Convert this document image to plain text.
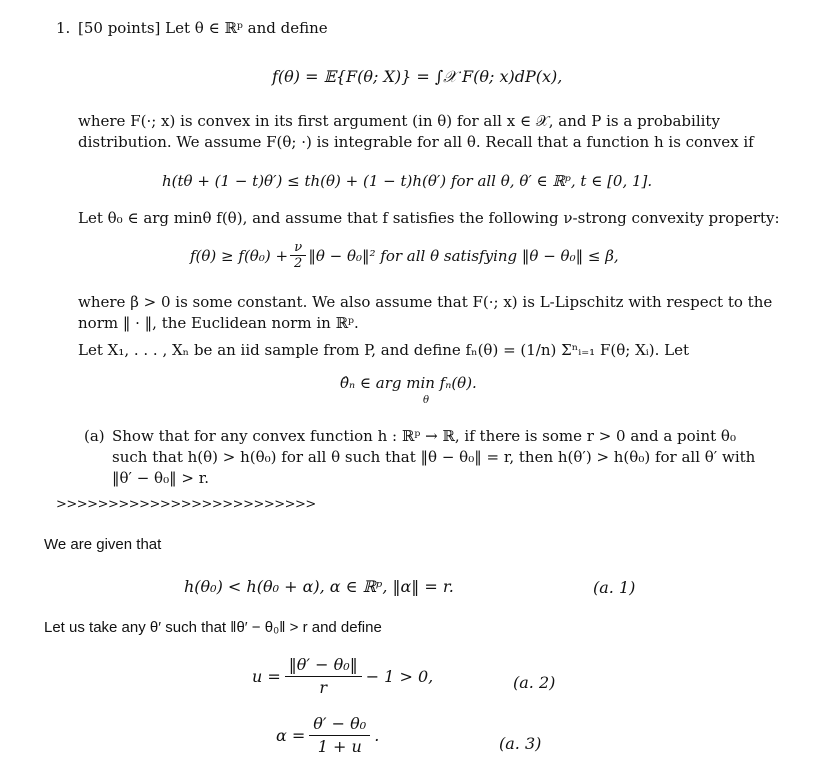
1. [50 points] Let θ ∈ ℝᵖ and define
f(θ) = 𝔼{F(θ; X)} = ∫𝒳 F(θ; x)dP(x),
where F(·; x) is convex in its first argument (in θ) for all x ∈ 𝒳, and P is a probability
distribution. We assume F(θ; ·) is integrable for all θ. Recall that a function h is convex if
h(tθ + (1 − t)θ′) ≤ th(θ) + (1 − t)h(θ′) for all θ, θ′ ∈ ℝᵖ, t ∈ [0, 1].
Let θ₀ ∈ arg minθ f(θ), and assume that f satisfies the following ν-strong convexity property:
$f(\theta) \ge f(\theta_0) + \frac{\nu}{2}$ ‖θ − θ₀‖² for all θ satisfying ‖θ − θ₀‖ ≤ β,
where β > 0 is some constant. We also assume that F(·; x) is L-Lipschitz with respect to the
norm ‖ · ‖, the Euclidean norm in ℝᵖ.
Let X₁, . . . , Xₙ be an iid sample from P, and define fₙ(θ) = (1/n) Σⁿᵢ₌₁ F(θ; Xᵢ). Let
θ̂ₙ ∈ arg min fₙ(θ).
θ
(a) Show that for any convex function h : ℝᵖ → ℝ, if there is some r > 0 and a point θ₀
such that h(θ) > h(θ₀) for all θ such that ‖θ − θ₀‖ = r, then h(θ′) > h(θ₀) for all θ′ with
‖θ′ − θ₀‖ > r.
>>>>>>>>>>>>>>>>>>>>>>>>>
We are given that
h(θ₀) < h(θ₀ + α), α ∈ ℝᵖ, ‖α‖ = r.	(a. 1)
Let us take any θ′ such that ‖θ′ − θ₀‖ > r and define
$u = \frac{\text{‖θ′ − θ₀‖}}{r} - 1 > 0$,	(a. 2)
$\alpha = \frac{\text{θ′ − θ₀}}{1 + u}$ .	(a. 3)
